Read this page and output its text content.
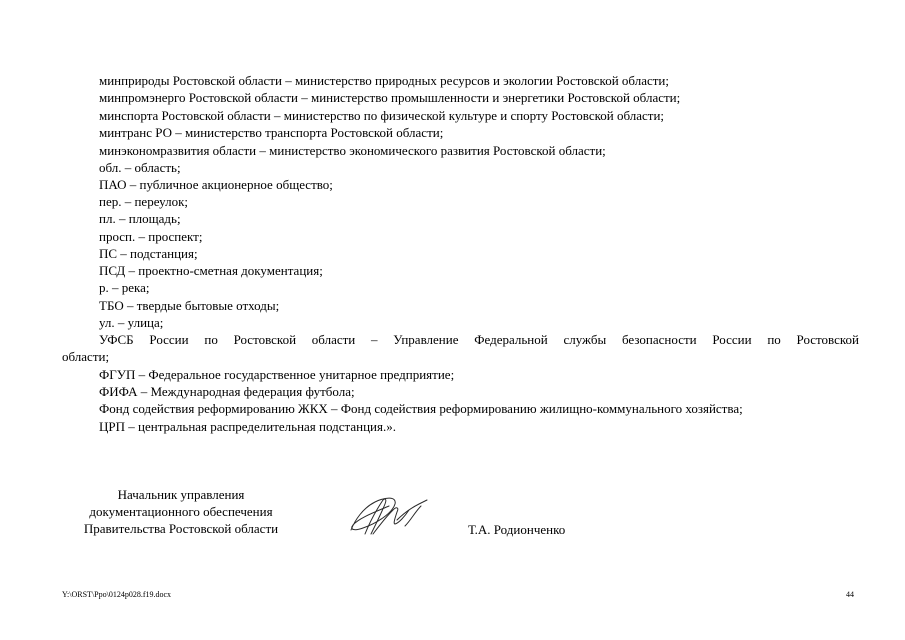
минприроды Ростовской области – министерство природных ресурсов и экологии Ростовской области;
минпромэнерго Ростовской области – министерство промышленности и энергетики Ростовской области;
минспорта Ростовской области – министерство по физической культуре и спорту Ростовской области;
минтранс РО – министерство транспорта Ростовской области;
минэкономразвития области – министерство экономического развития Ростовской области;
обл. – область;
ПАО – публичное акционерное общество;
пер. – переулок;
пл. – площадь;
просп. – проспект;
ПС – подстанция;
ПСД – проектно-сметная документация;
р. – река;
ТБО – твердые бытовые отходы;
ул. – улица;
УФСБ России по Ростовской области – Управление Федеральной службы безопасности России по Ростовской
области;
ФГУП – Федеральное государственное унитарное предприятие;
ФИФА – Международная федерация футбола;
Фонд содействия реформированию ЖКХ – Фонд содействия реформированию жилищно-коммунального хозяйства;
ЦРП – центральная распределительная подстанция.».
Начальник управления
документационного обеспечения
Правительства Ростовской области	Т.А. Родионченко
Y:\ORST\Ppo\0124p028.f19.docx	44
